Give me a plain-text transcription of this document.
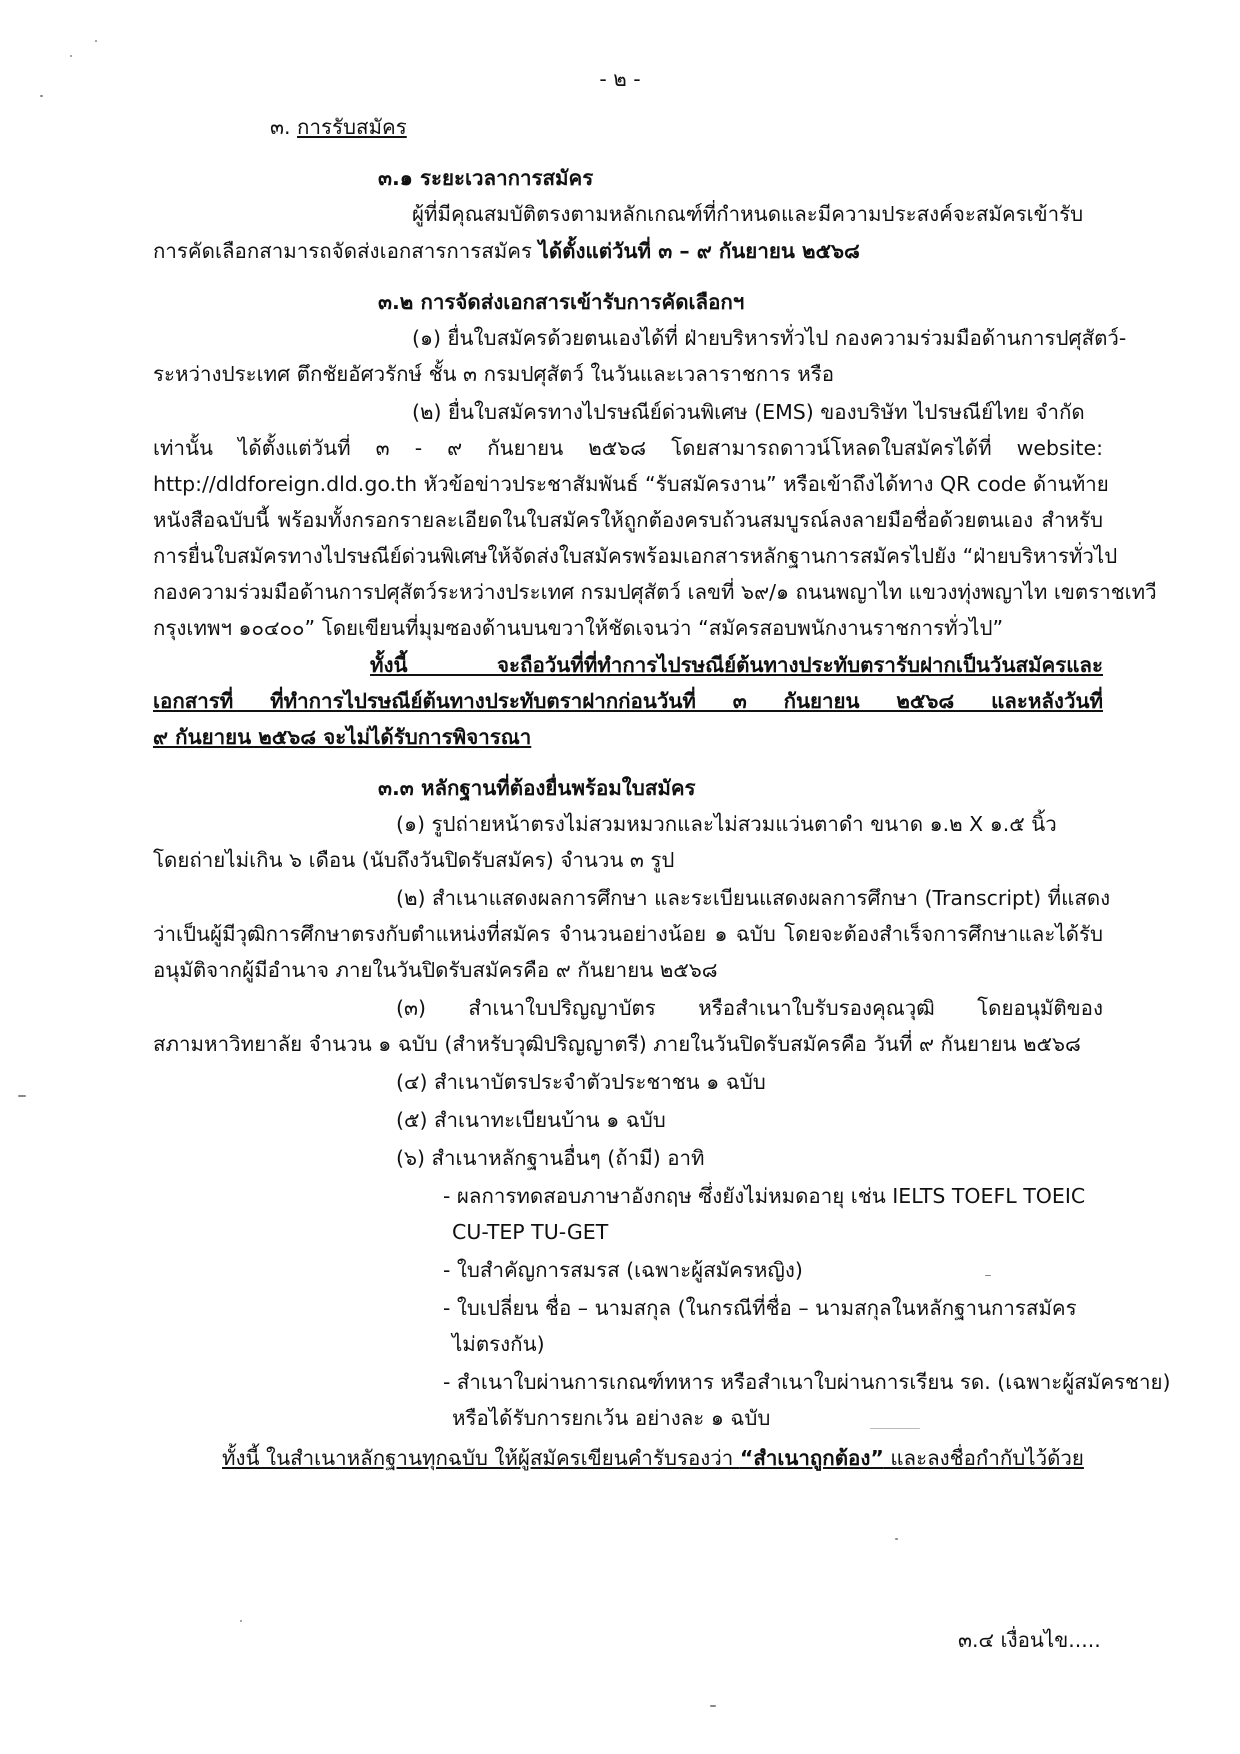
- ๒ -
๓. การรับสมัคร
๓.๑ ระยะเวลาการสมัคร
ผู้ที่มีคุณสมบัติตรงตามหลักเกณฑ์ที่กำหนดและมีความประสงค์จะสมัครเข้ารับ
การคัดเลือกสามารถจัดส่งเอกสารการสมัคร ได้ตั้งแต่วันที่ ๓ – ๙ กันยายน ๒๕๖๘
๓.๒ การจัดส่งเอกสารเข้ารับการคัดเลือกฯ
(๑) ยื่นใบสมัครด้วยตนเองได้ที่ ฝ่ายบริหารทั่วไป กองความร่วมมือด้านการปศุสัตว์-
ระหว่างประเทศ ตึกชัยอัศวรักษ์ ชั้น ๓ กรมปศุสัตว์ ในวันและเวลาราชการ หรือ
(๒) ยื่นใบสมัครทางไปรษณีย์ด่วนพิเศษ (EMS) ของบริษัท ไปรษณีย์ไทย จำกัด
เท่านั้น ได้ตั้งแต่วันที่ ๓ - ๙ กันยายน ๒๕๖๘ โดยสามารถดาวน์โหลดใบสมัครได้ที่ website:
http://dldforeign.dld.go.th หัวข้อข่าวประชาสัมพันธ์ “รับสมัครงาน” หรือเข้าถึงได้ทาง QR code ด้านท้าย
หนังสือฉบับนี้ พร้อมทั้งกรอกรายละเอียดในใบสมัครให้ถูกต้องครบถ้วนสมบูรณ์ลงลายมือชื่อด้วยตนเอง สำหรับ
การยื่นใบสมัครทางไปรษณีย์ด่วนพิเศษให้จัดส่งใบสมัครพร้อมเอกสารหลักฐานการสมัครไปยัง “ฝ่ายบริหารทั่วไป
กองความร่วมมือด้านการปศุสัตว์ระหว่างประเทศ กรมปศุสัตว์ เลขที่ ๖๙/๑ ถนนพญาไท แขวงทุ่งพญาไท เขตราชเทวี
กรุงเทพฯ ๑๐๔๐๐” โดยเขียนที่มุมซองด้านบนขวาให้ชัดเจนว่า “สมัครสอบพนักงานราชการทั่วไป”
ทั้งนี้ จะถือวันที่ที่ทำการไปรษณีย์ต้นทางประทับตรารับฝากเป็นวันสมัครและ
เอกสารที่ ที่ทำการไปรษณีย์ต้นทางประทับตราฝากก่อนวันที่ ๓ กันยายน ๒๕๖๘ และหลังวันที่
๙ กันยายน ๒๕๖๘ จะไม่ได้รับการพิจารณา
๓.๓ หลักฐานที่ต้องยื่นพร้อมใบสมัคร
(๑) รูปถ่ายหน้าตรงไม่สวมหมวกและไม่สวมแว่นตาดำ ขนาด ๑.๒ X ๑.๕ นิ้ว
โดยถ่ายไม่เกิน ๖ เดือน (นับถึงวันปิดรับสมัคร) จำนวน ๓ รูป
(๒) สำเนาแสดงผลการศึกษา และระเบียนแสดงผลการศึกษา (Transcript) ที่แสดง
ว่าเป็นผู้มีวุฒิการศึกษาตรงกับตำแหน่งที่สมัคร จำนวนอย่างน้อย ๑ ฉบับ โดยจะต้องสำเร็จการศึกษาและได้รับ
อนุมัติจากผู้มีอำนาจ ภายในวันปิดรับสมัครคือ ๙ กันยายน ๒๕๖๘
(๓) สำเนาใบปริญญาบัตร หรือสำเนาใบรับรองคุณวุฒิ โดยอนุมัติของ
สภามหาวิทยาลัย จำนวน ๑ ฉบับ (สำหรับวุฒิปริญญาตรี) ภายในวันปิดรับสมัครคือ วันที่ ๙ กันยายน ๒๕๖๘
(๔) สำเนาบัตรประจำตัวประชาชน ๑ ฉบับ
(๕) สำเนาทะเบียนบ้าน ๑ ฉบับ
(๖) สำเนาหลักฐานอื่นๆ (ถ้ามี) อาทิ
- ผลการทดสอบภาษาอังกฤษ ซึ่งยังไม่หมดอายุ เช่น IELTS TOEFL TOEIC
CU-TEP TU-GET
- ใบสำคัญการสมรส (เฉพาะผู้สมัครหญิง)
- ใบเปลี่ยน ชื่อ – นามสกุล (ในกรณีที่ชื่อ – นามสกุลในหลักฐานการสมัคร
ไม่ตรงกัน)
- สำเนาใบผ่านการเกณฑ์ทหาร หรือสำเนาใบผ่านการเรียน รด. (เฉพาะผู้สมัครชาย)
หรือได้รับการยกเว้น อย่างละ ๑ ฉบับ
ทั้งนี้ ในสำเนาหลักฐานทุกฉบับ ให้ผู้สมัครเขียนคำรับรองว่า “สำเนาถูกต้อง” และลงชื่อกำกับไว้ด้วย
๓.๔ เงื่อนไข.....
